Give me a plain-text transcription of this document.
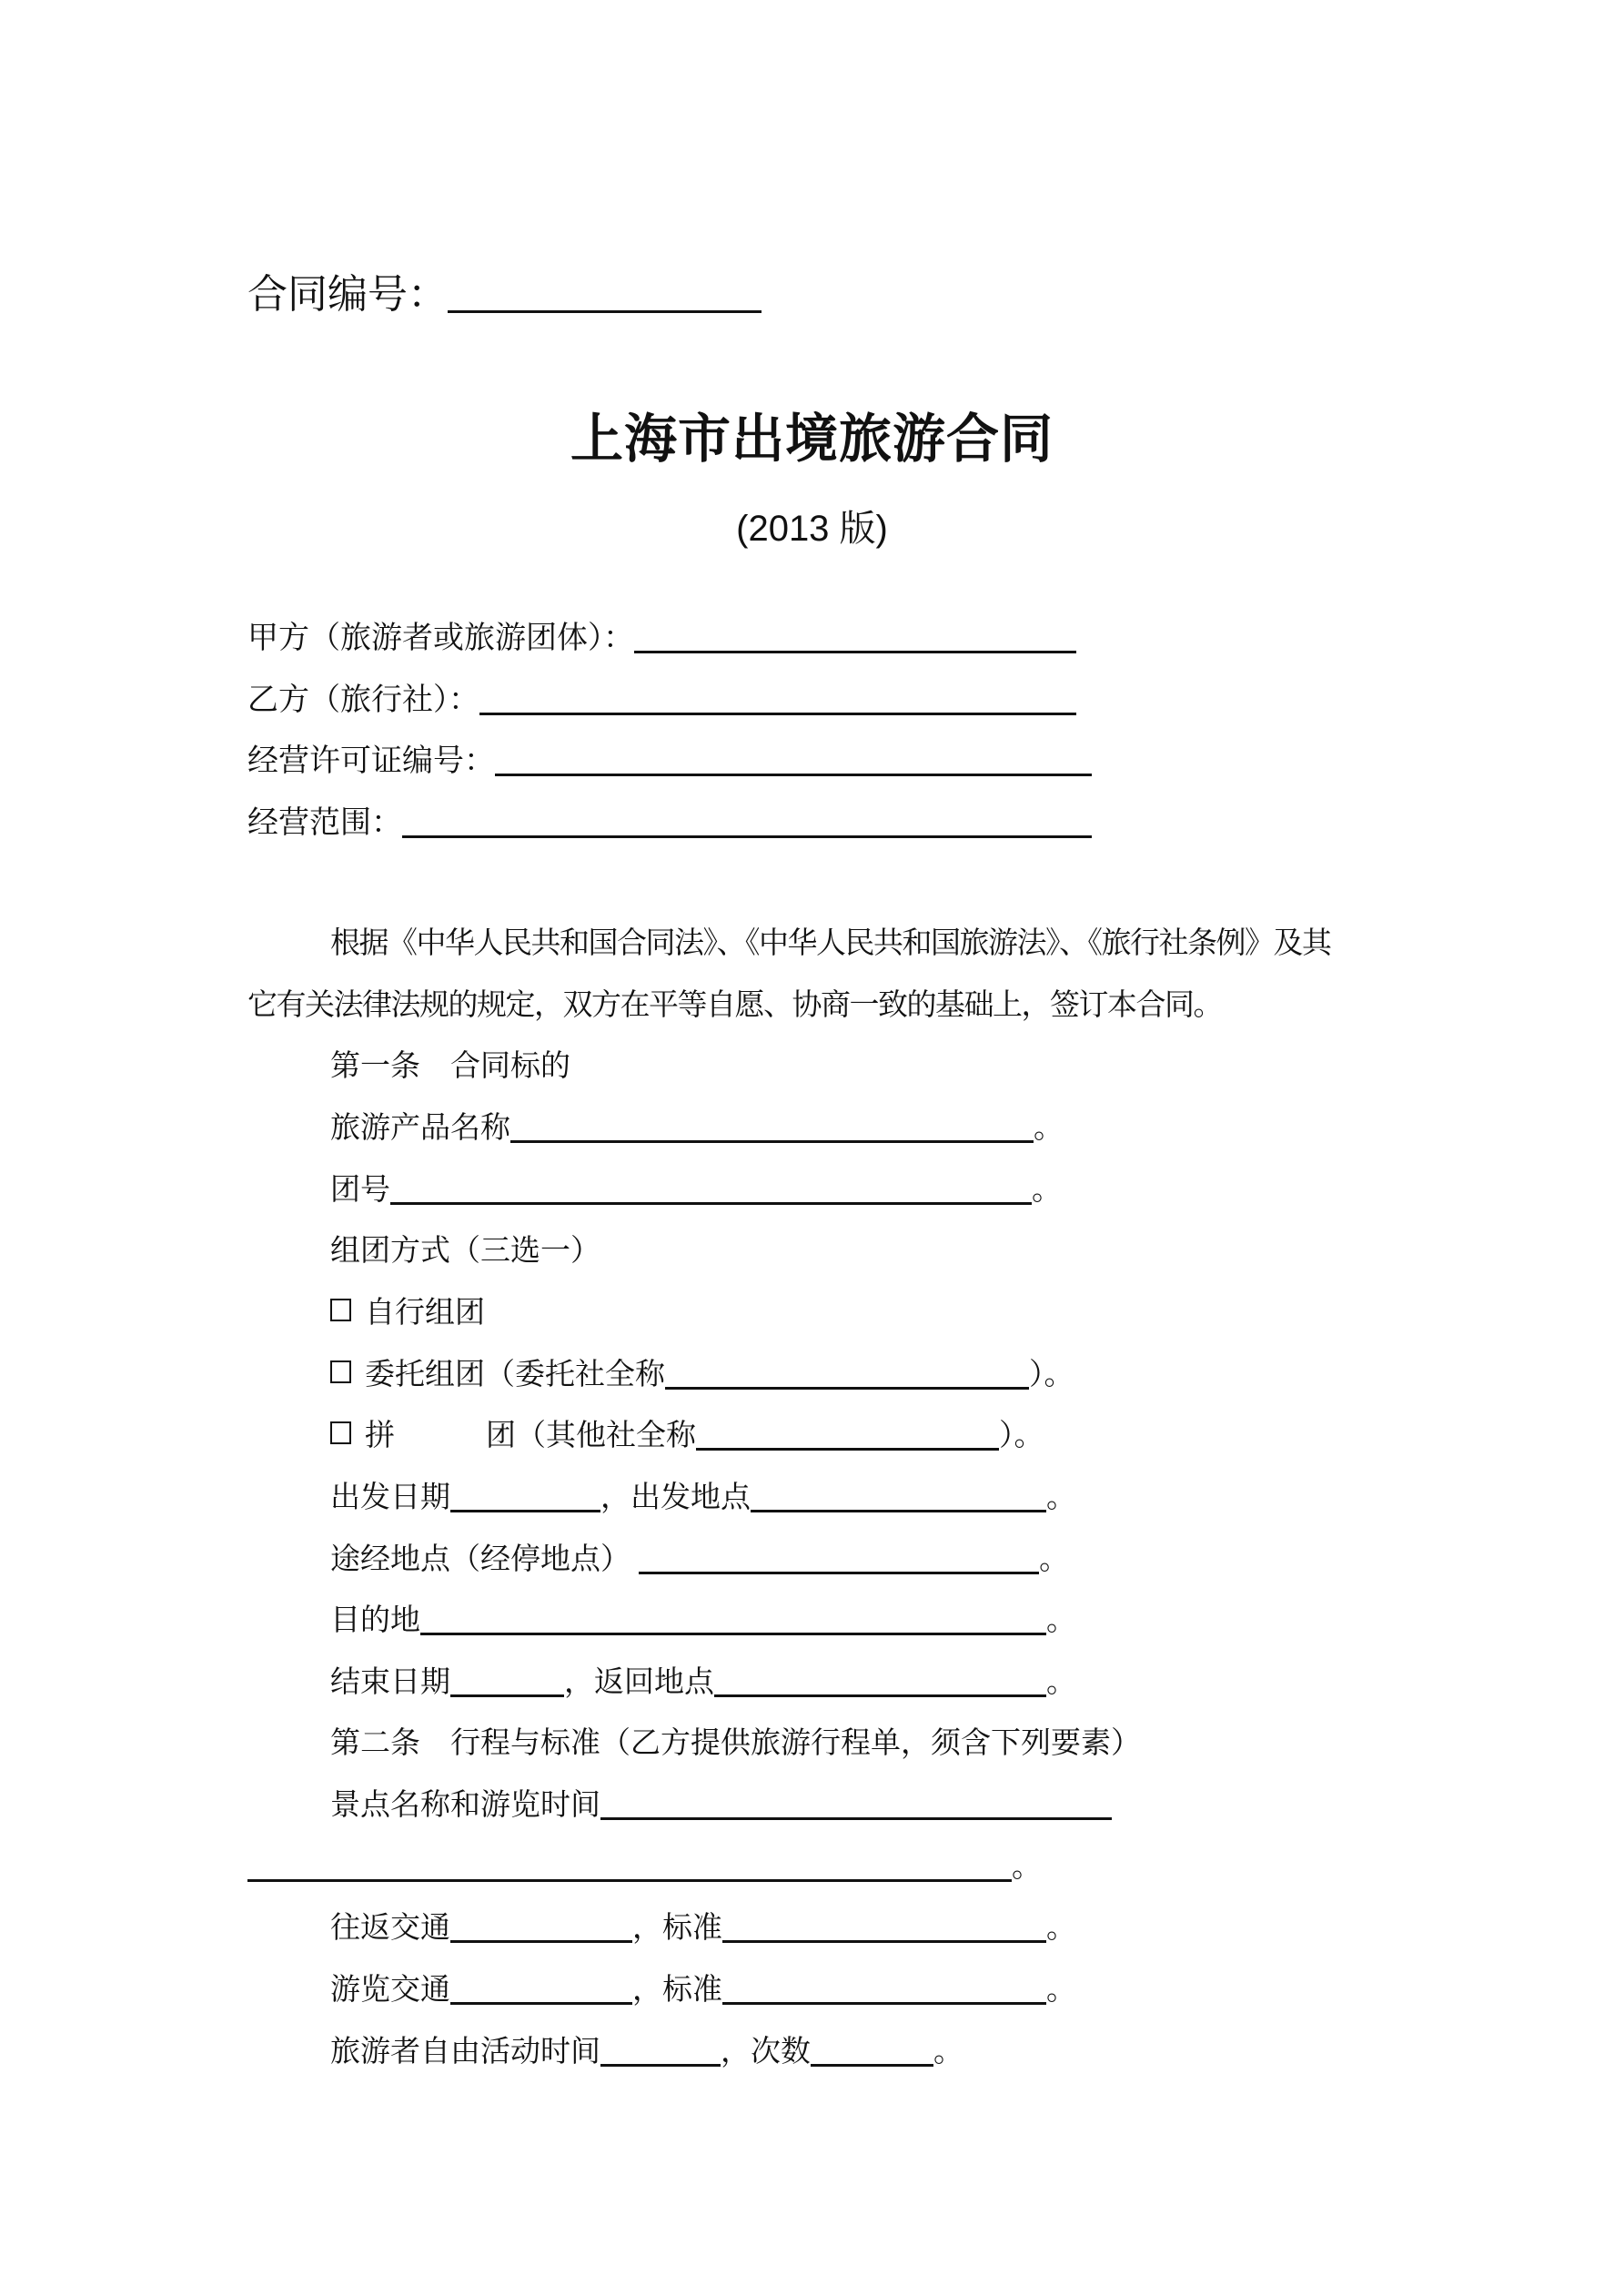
合同编号：
上海市出境旅游合同
(2013 版)
甲方（旅游者或旅游团体）：
乙方（旅行社）：
经营许可证编号：
经营范围：
根据《中华人民共和国合同法》、《中华人民共和国旅游法》、《旅行社条例》及其
它有关法律法规的规定，双方在平等自愿、协商一致的基础上，签订本合同。
第一条　合同标的
旅游产品名称	。
团号	。
组团方式（三选一）
自行组团
委托组团（委托社全称	）。
拼	团（其他社全称	）。
出发日期	，出发地点	。
途经地点（经停地点）	。
目的地	。
结束日期	，返回地点	。
第二条　行程与标准（乙方提供旅游行程单，须含下列要素）
景点名称和游览时间
。
往返交通	，标准	。
游览交通	，标准	。
旅游者自由活动时间	，次数	。
